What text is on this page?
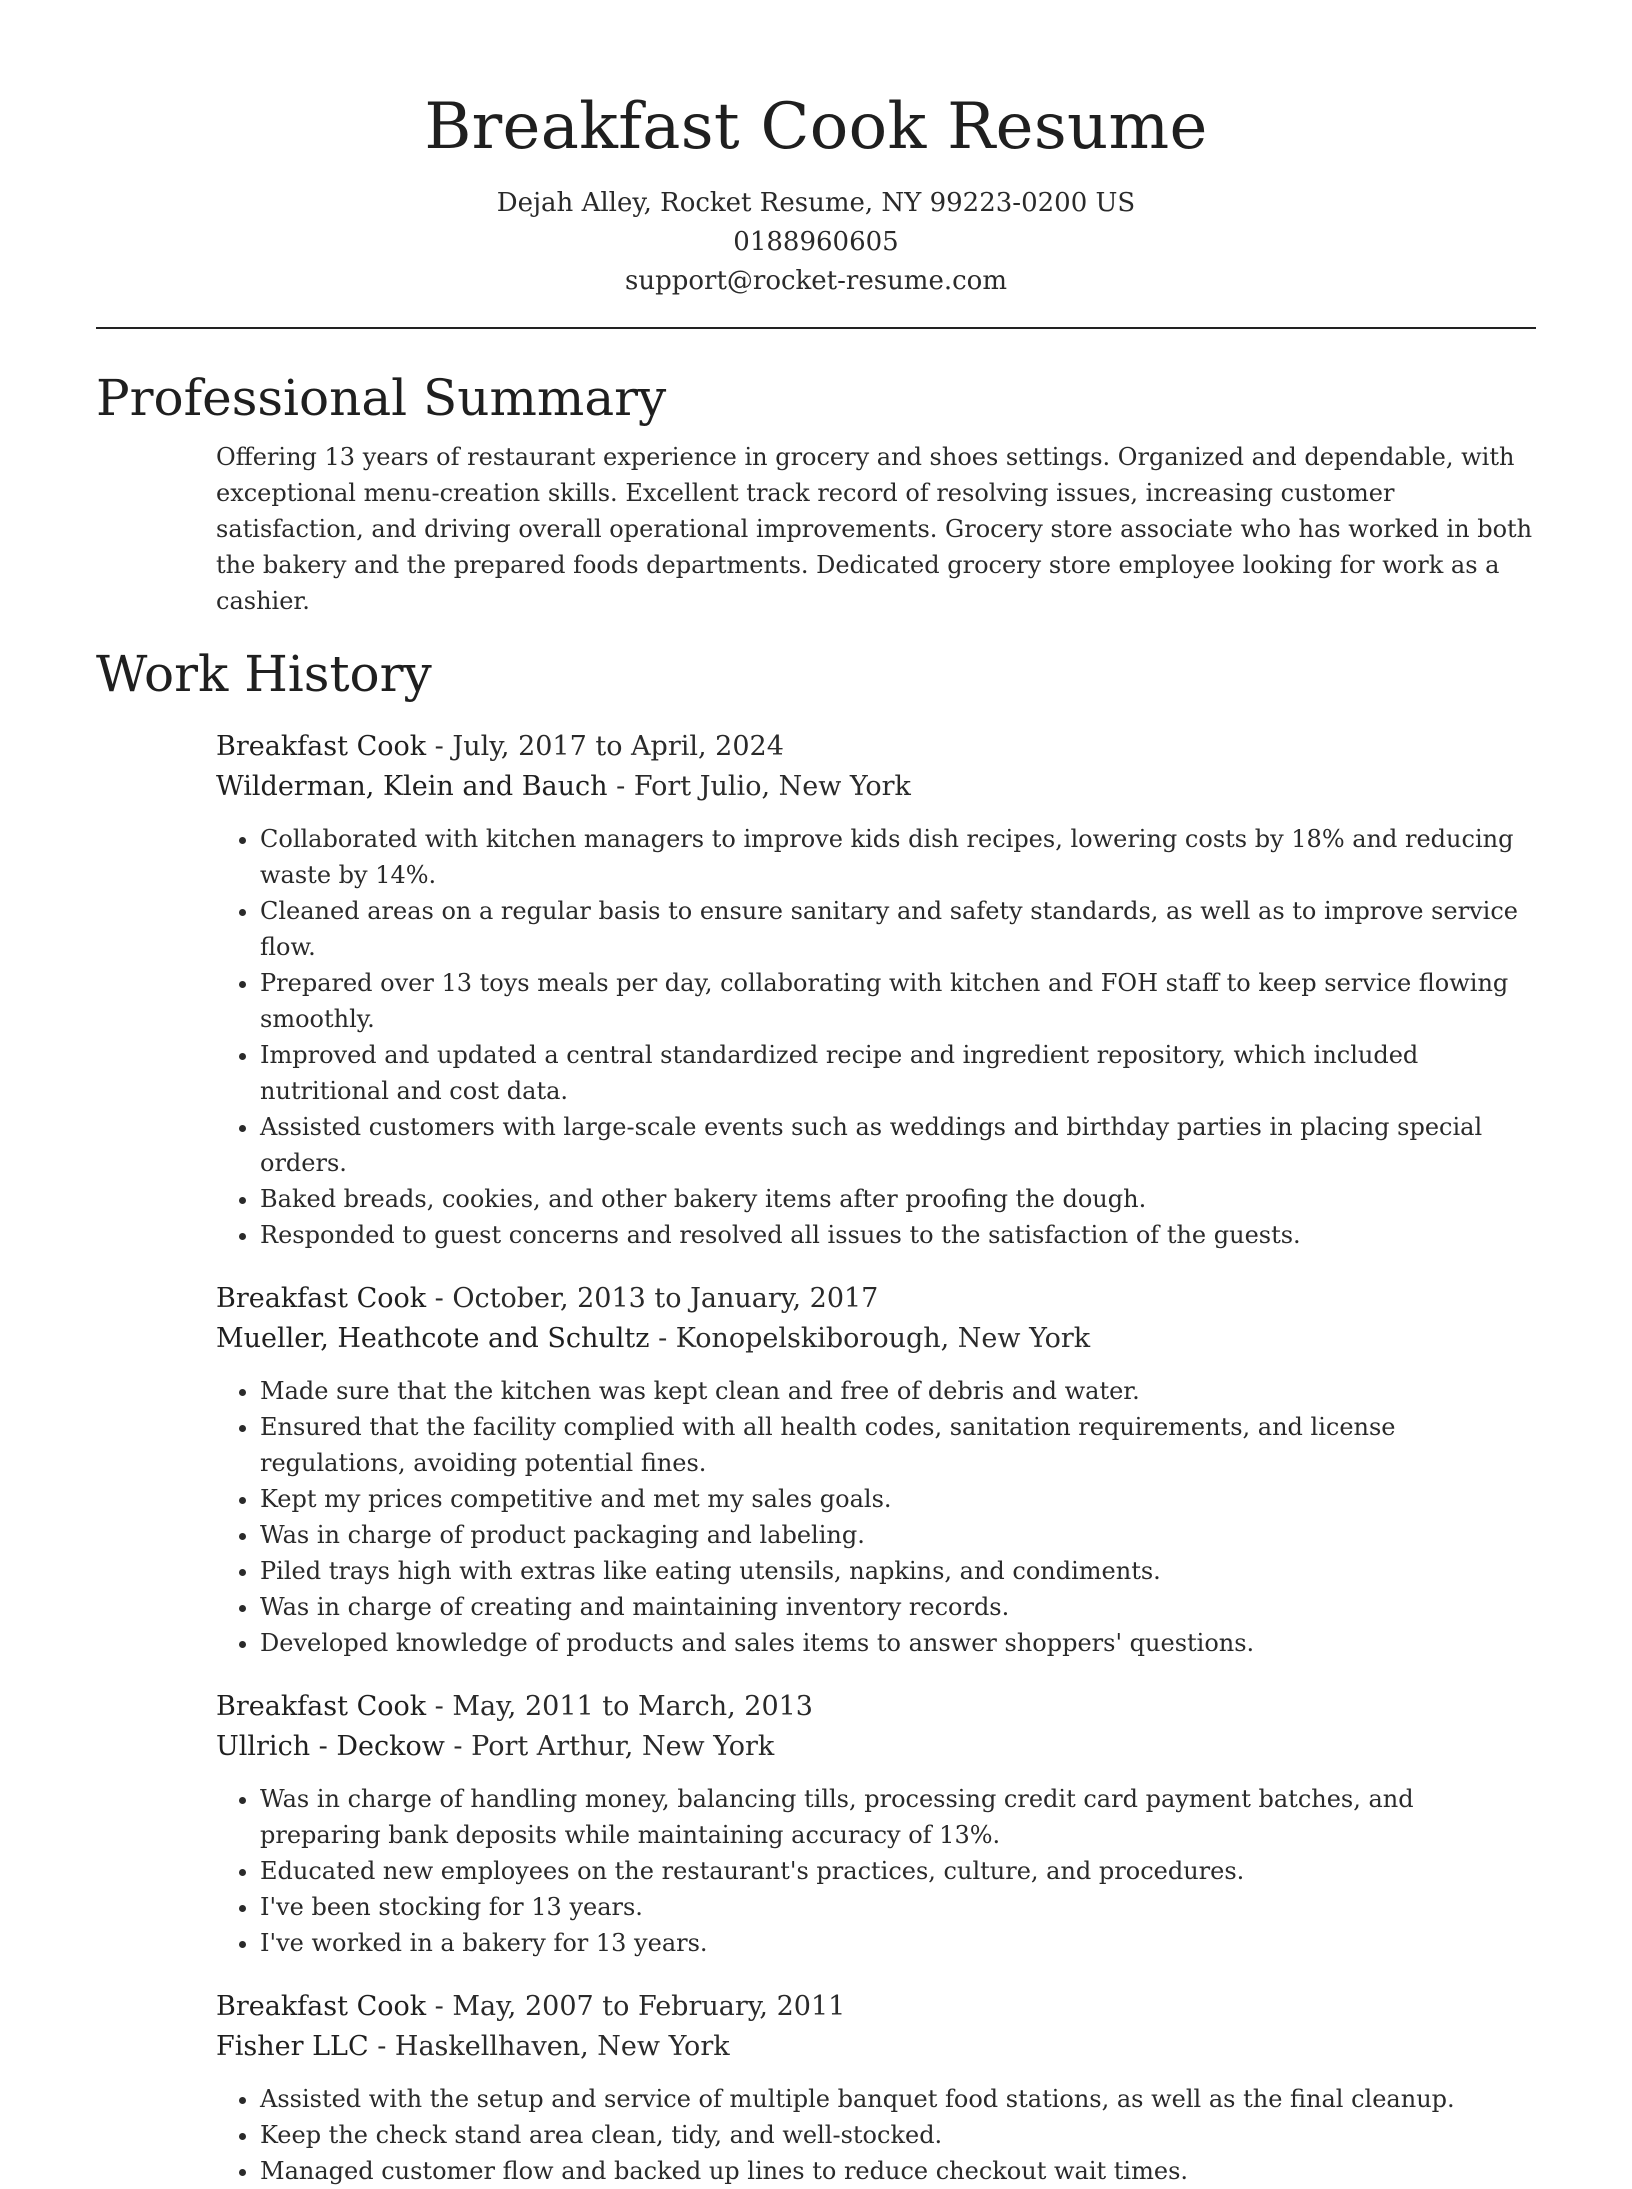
Breakfast Cook Resume
Dejah Alley, Rocket Resume, NY 99223-0200 US
0188960605
support@rocket-resume.com
Professional Summary

Offering 13 years of restaurant experience in grocery and shoes settings. Organized and dependable, with exceptional menu-creation skills. Excellent track record of resolving issues, increasing customer satisfaction, and driving overall operational improvements. Grocery store associate who has worked in both the bakery and the prepared foods departments. Dedicated grocery store employee looking for work as a cashier.

Work History
Breakfast Cook - July, 2017 to April, 2024
Wilderman, Klein and Bauch - Fort Julio, New York
• Collaborated with kitchen managers to improve kids dish recipes, lowering costs by 18% and reducing waste by 14%.
• Cleaned areas on a regular basis to ensure sanitary and safety standards, as well as to improve service flow.
• Prepared over 13 toys meals per day, collaborating with kitchen and FOH staff to keep service flowing smoothly.
• Improved and updated a central standardized recipe and ingredient repository, which included nutritional and cost data.
• Assisted customers with large-scale events such as weddings and birthday parties in placing special orders.
• Baked breads, cookies, and other bakery items after proofing the dough.
• Responded to guest concerns and resolved all issues to the satisfaction of the guests.
Breakfast Cook - October, 2013 to January, 2017
Mueller, Heathcote and Schultz - Konopelskiborough, New York
• Made sure that the kitchen was kept clean and free of debris and water.
• Ensured that the facility complied with all health codes, sanitation requirements, and license regulations, avoiding potential fines.
• Kept my prices competitive and met my sales goals.
• Was in charge of product packaging and labeling.
• Piled trays high with extras like eating utensils, napkins, and condiments.
• Was in charge of creating and maintaining inventory records.
• Developed knowledge of products and sales items to answer shoppers' questions.
Breakfast Cook - May, 2011 to March, 2013
Ullrich - Deckow - Port Arthur, New York
• Was in charge of handling money, balancing tills, processing credit card payment batches, and preparing bank deposits while maintaining accuracy of 13%.
• Educated new employees on the restaurant's practices, culture, and procedures.
• I've been stocking for 13 years.
• I've worked in a bakery for 13 years.
Breakfast Cook - May, 2007 to February, 2011
Fisher LLC - Haskellhaven, New York
• Assisted with the setup and service of multiple banquet food stations, as well as the final cleanup.
• Keep the check stand area clean, tidy, and well-stocked.
• Managed customer flow and backed up lines to reduce checkout wait times.
